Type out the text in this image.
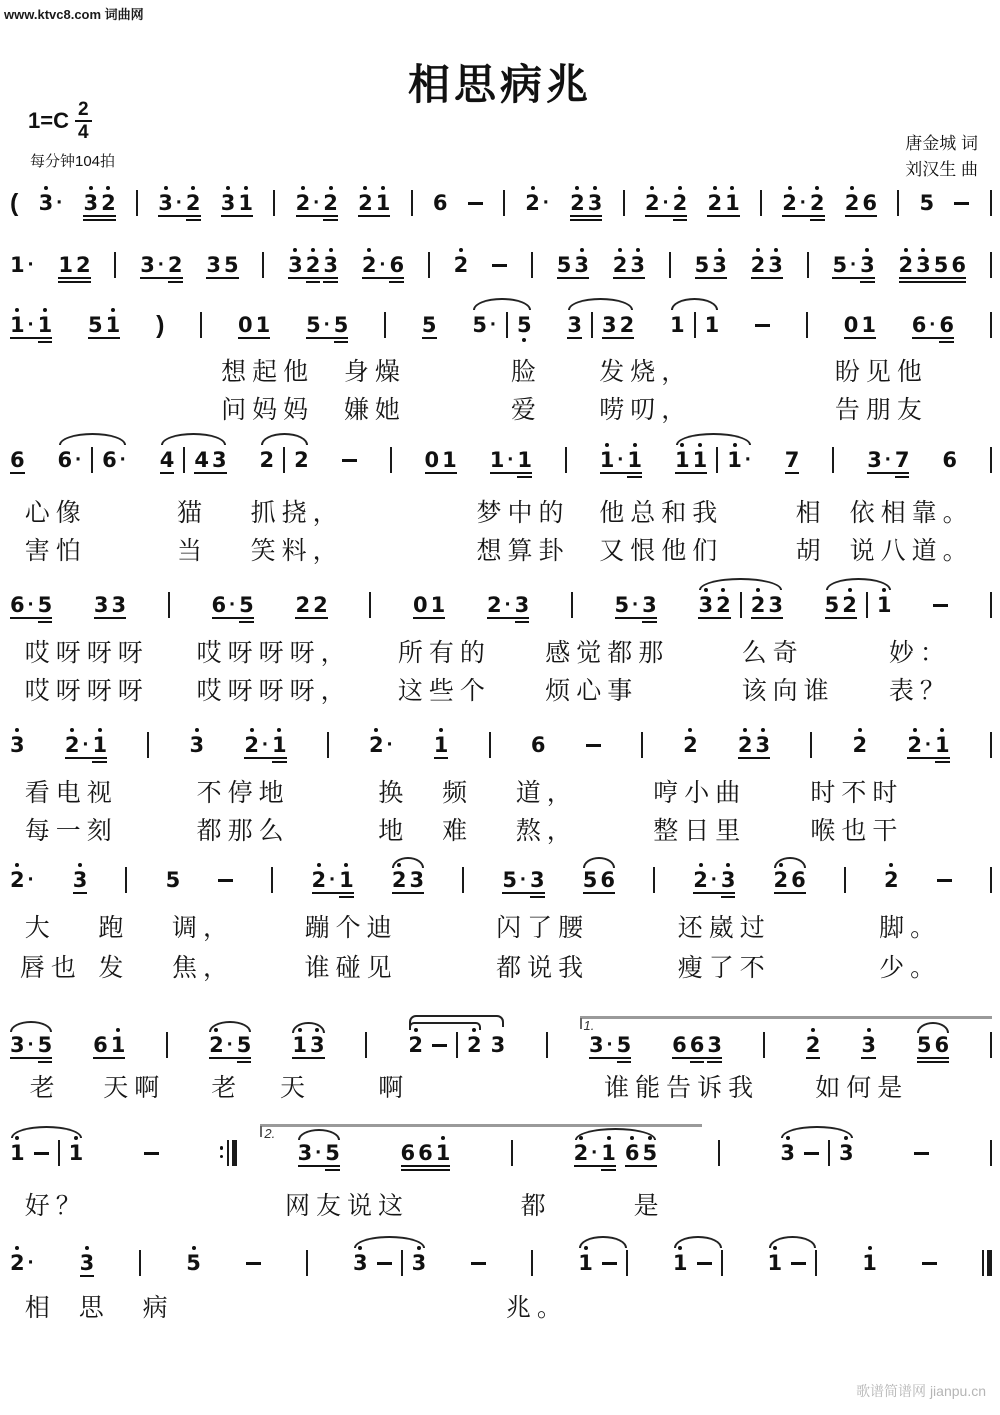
www.ktvc8.com 词曲网
相思病兆
$1=C \frac{2}{4}$
每分钟104拍
唐金城 词
刘汉生 曲
( 3 · 3 2 3 · 2 3 1 2 · 2 2 1 6	2 · 2 3 2 · 2 2 1 2 · 2 2 6 5
1 · 1 2 3 · 2 3 5 3 2 3 2 · 6 2	5 3 2 3 5 3 2 3 5 · 3 2 3 5 6
1 · 1 5 1 )	0 1 5 · 5	5 5 · 5 3 3 2 1 1	0 1 6 · 6
想起他 身燥	脸 发烧，	盼见他
问妈妈 嫌她	爱 唠叨，	告朋友
6 6 · 6 · 4 4 3 2 2	0 1 1 · 1	1 · 1 1 1 1 · 7	3 · 7 6
心像	猫 抓挠，	梦中的 他总和我	相 依相靠。
害怕	当 笑料，	想算卦 又恨他们	胡 说八道。
6 · 5 3 3	6 · 5 2 2	0 1 2 · 3	5 · 3 3 2 2 3 5 2 1
哎呀呀呀 哎呀呀呀， 所有的 感觉都那	么奇	妙：
哎呀呀呀 哎呀呀呀， 这些个 烦心事	该向谁 表？
3 2 · 1	3 2 · 1	2 · 1	6	2 2 3	2 2 · 1
看电视	不停地	换 频 道，	哼小曲	时不时
每一刻	都那么	地 难 熬，	整日里	喉也干
2 · 3	5	2 · 1 2 3	5 · 3 5 6	2 · 3 2 6	2
大 跑 调，	蹦个迪	闪了腰	还崴过	脚。
唇也 发 焦，	谁碰见	都说我	瘦了不	少。
3 · 5 6 1	2 · 5 1 3	2 2 3	3 · 5 6 6 3	2 3 5 6
1.
老 天啊 老 天	啊	谁能告诉我 如何是
1 1	3 · 5	6 6 1	2 · 1 6 5	3 3
2.
好？	网友说这	都	是
2 · 3	5	3 3	1	1	1	1
相 思 病	兆。
歌谱简谱网 jianpu.cn
